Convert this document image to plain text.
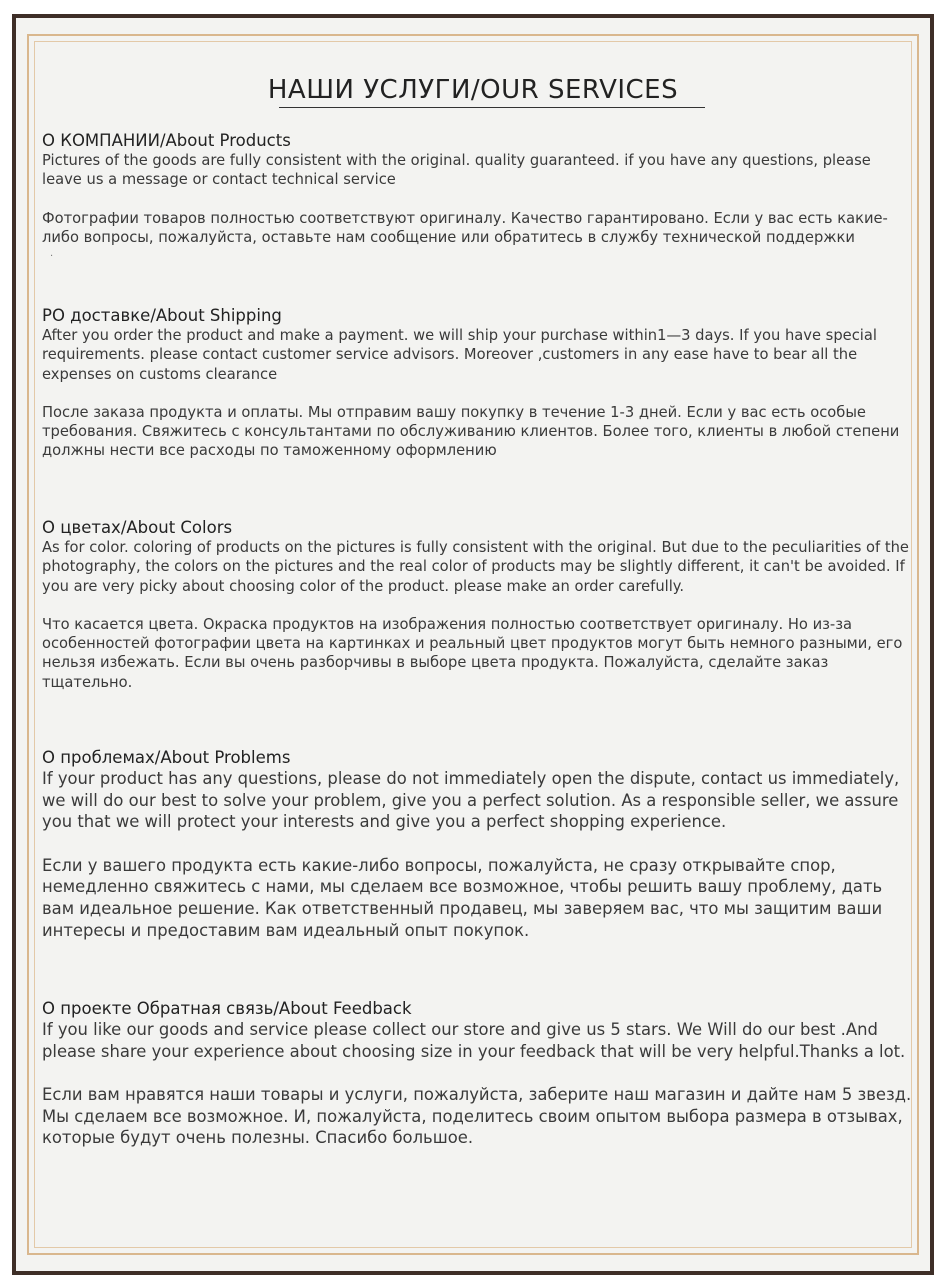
НАШИ УСЛУГИ/OUR SERVICES
О КОМПАНИИ/About Products

Pictures of the goods are fully consistent with the original. quality guaranteed. if you have any questions, please leave us a message or contact technical service

Фотографии товаров полностью соответствуют оригиналу. Качество гарантировано. Если у вас есть какие-либо вопросы, пожалуйста, оставьте нам сообщение или обратитесь в службу технической поддержки

.

PO доставке/About Shipping

After you order the product and make a payment. we will ship your purchase within1—3 days. If you have special requirements. please contact customer service advisors. Moreover ,customers in any ease have to bear all the expenses on customs clearance

После заказа продукта и оплаты. Мы отправим вашу покупку в течение 1-3 дней. Если у вас есть особые требования. Свяжитесь с консультантами по обслуживанию клиентов. Более того, клиенты в любой степени должны нести все расходы по таможенному оформлению

О цветах/About Colors

As for color. coloring of products on the pictures is fully consistent with the original. But due to the peculiarities of the photography, the colors on the pictures and the real color of products may be slightly different, it can't be avoided. If you are very picky about choosing color of the product. please make an order carefully.

Что касается цвета. Окраска продуктов на изображения полностью соответствует оригиналу. Но из-за особенностей фотографии цвета на картинках и реальный цвет продуктов могут быть немного разными, его нельзя избежать. Если вы очень разборчивы в выборе цвета продукта. Пожалуйста, сделайте заказ тщательно.

О проблемах/About Problems

If your product has any questions, please do not immediately open the dispute, contact us immediately, we will do our best to solve your problem, give you a perfect solution. As a responsible seller, we assure you that we will protect your interests and give you a perfect shopping experience.

Если у вашего продукта есть какие-либо вопросы, пожалуйста, не сразу открывайте спор, немедленно свяжитесь с нами, мы сделаем все возможное, чтобы решить вашу проблему, дать вам идеальное решение. Как ответственный продавец, мы заверяем вас, что мы защитим ваши интересы и предоставим вам идеальный опыт покупок.

О проекте Обратная связь/About Feedback

If you like our goods and service please collect our store and give us 5 stars. We Will do our best .And please share your experience about choosing size in your feedback that will be very helpful.Thanks a lot.

Если вам нравятся наши товары и услуги, пожалуйста, заберите наш магазин и дайте нам 5 звезд. Мы сделаем все возможное. И, пожалуйста, поделитесь своим опытом выбора размера в отзывах, которые будут очень полезны. Спасибо большое.
